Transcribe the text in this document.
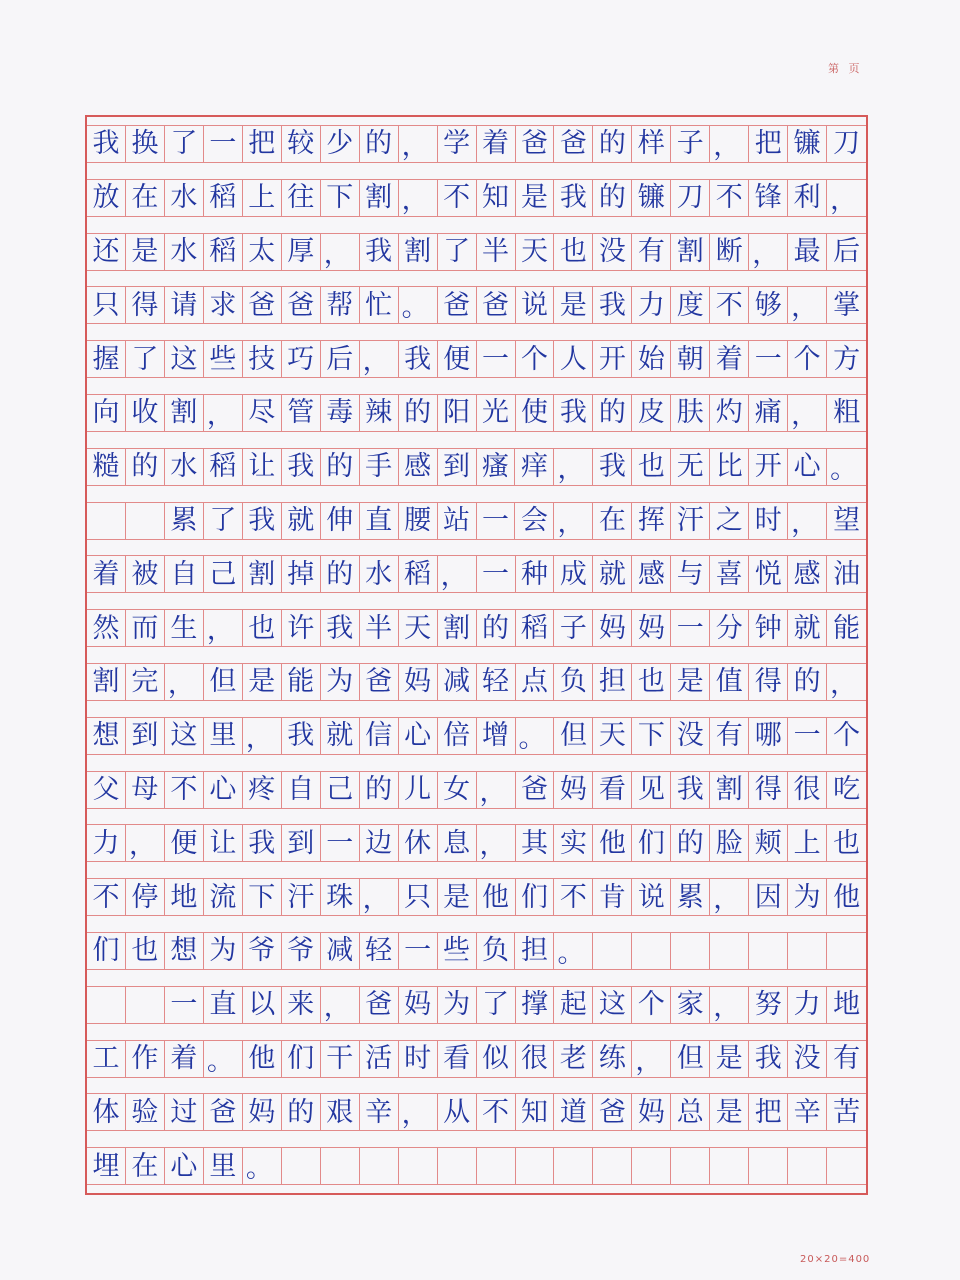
第 页
我 换 了 一 把 较 少 的 ， 学 着 爸 爸 的 样 子 ， 把 镰 刀
放 在 水 稻 上 往 下 割 ， 不 知 是 我 的 镰 刀 不 锋 利 ，
还 是 水 稻 太 厚 ， 我 割 了 半 天 也 没 有 割 断 ， 最 后
只 得 请 求 爸 爸 帮 忙 。 爸 爸 说 是 我 力 度 不 够 ， 掌
握 了 这 些 技 巧 后 ， 我 便 一 个 人 开 始 朝 着 一 个 方
向 收 割 ， 尽 管 毒 辣 的 阳 光 使 我 的 皮 肤 灼 痛 ， 粗
糙 的 水 稻 让 我 的 手 感 到 瘙 痒 ， 我 也 无 比 开 心 。
累 了 我 就 伸 直 腰 站 一 会 ， 在 挥 汗 之 时 ， 望
着 被 自 己 割 掉 的 水 稻 ， 一 种 成 就 感 与 喜 悦 感 油
然 而 生 ， 也 许 我 半 天 割 的 稻 子 妈 妈 一 分 钟 就 能
割 完 ， 但 是 能 为 爸 妈 减 轻 点 负 担 也 是 值 得 的 ，
想 到 这 里 ， 我 就 信 心 倍 增 。 但 天 下 没 有 哪 一 个
父 母 不 心 疼 自 己 的 儿 女 ， 爸 妈 看 见 我 割 得 很 吃
力 ， 便 让 我 到 一 边 休 息 ， 其 实 他 们 的 脸 颊 上 也
不 停 地 流 下 汗 珠 ， 只 是 他 们 不 肯 说 累 ， 因 为 他
们 也 想 为 爷 爷 减 轻 一 些 负 担 。
一 直 以 来 ， 爸 妈 为 了 撑 起 这 个 家 ， 努 力 地
工 作 着 。 他 们 干 活 时 看 似 很 老 练 ， 但 是 我 没 有
体 验 过 爸 妈 的 艰 辛 ， 从 不 知 道 爸 妈 总 是 把 辛 苦
埋 在 心 里 。
20×20=400
